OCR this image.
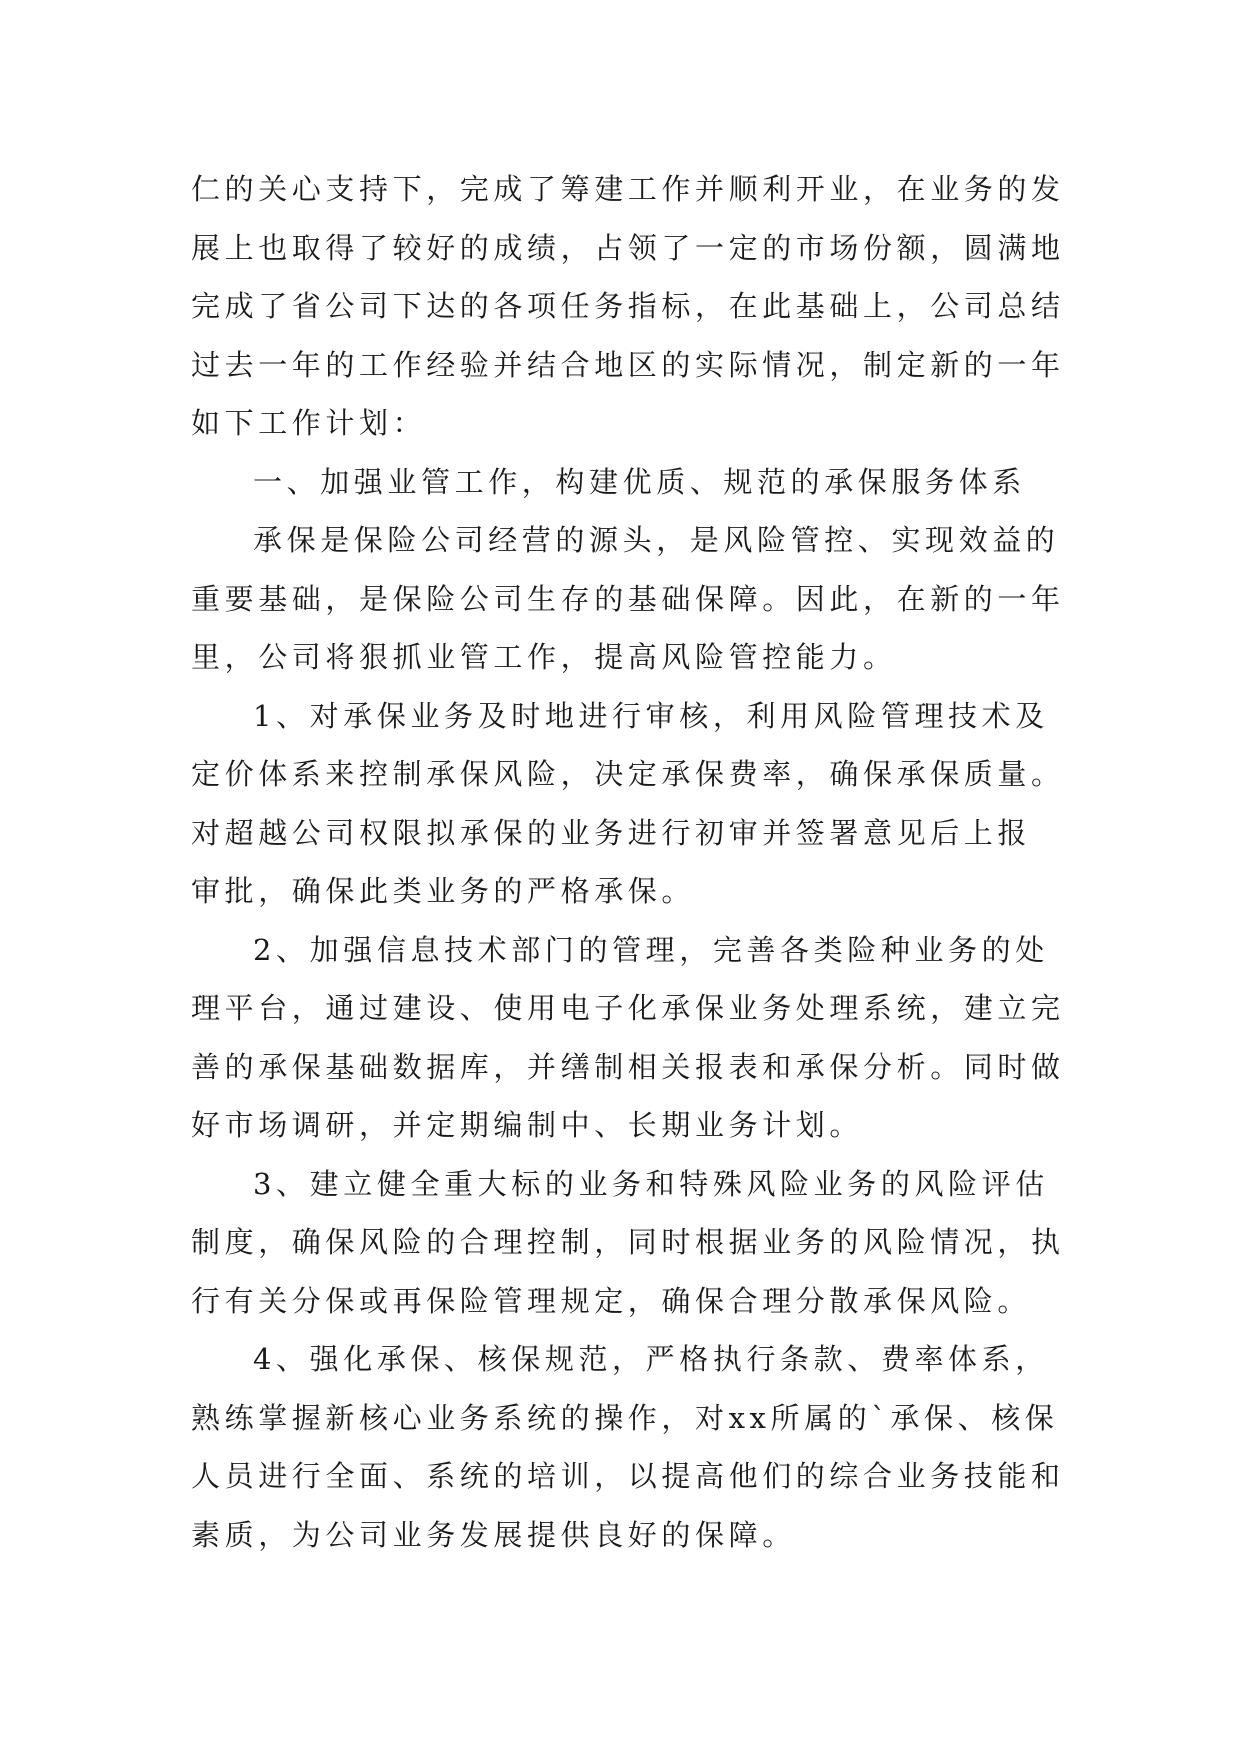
仁的关心支持下，完成了筹建工作并顺利开业，在业务的发
展上也取得了较好的成绩，占领了一定的市场份额，圆满地
完成了省公司下达的各项任务指标，在此基础上，公司总结
过去一年的工作经验并结合地区的实际情况，制定新的一年
如下工作计划：
一、加强业管工作，构建优质、规范的承保服务体系
承保是保险公司经营的源头，是风险管控、实现效益的
重要基础，是保险公司生存的基础保障。因此，在新的一年
里，公司将狠抓业管工作，提高风险管控能力。
1、对承保业务及时地进行审核，利用风险管理技术及
定价体系来控制承保风险，决定承保费率，确保承保质量。
对超越公司权限拟承保的业务进行初审并签署意见后上报
审批，确保此类业务的严格承保。
2、加强信息技术部门的管理，完善各类险种业务的处
理平台，通过建设、使用电子化承保业务处理系统，建立完
善的承保基础数据库，并缮制相关报表和承保分析。同时做
好市场调研，并定期编制中、长期业务计划。
3、建立健全重大标的业务和特殊风险业务的风险评估
制度，确保风险的合理控制，同时根据业务的风险情况，执
行有关分保或再保险管理规定，确保合理分散承保风险。
4、强化承保、核保规范，严格执行条款、费率体系，
熟练掌握新核心业务系统的操作，对xx所属的`承保、核保
人员进行全面、系统的培训，以提高他们的综合业务技能和
素质，为公司业务发展提供良好的保障。
